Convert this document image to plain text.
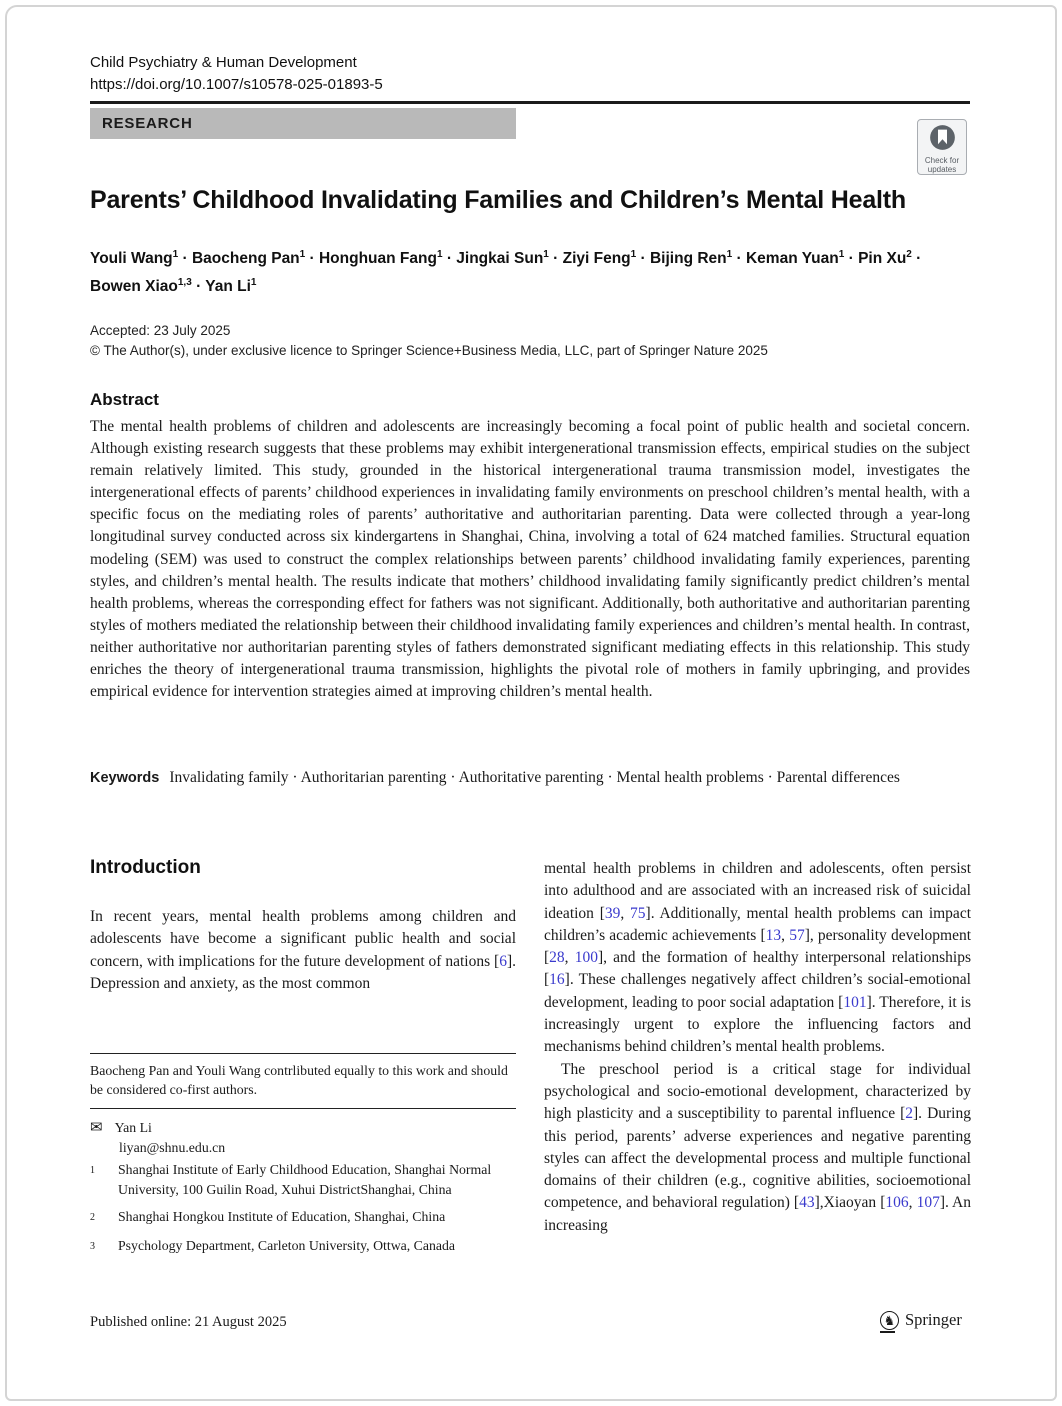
Child Psychiatry & Human Development
https://doi.org/10.1007/s10578-025-01893-5
RESEARCH
Check for
updates
Parents’ Childhood Invalidating Families and Children’s Mental Health
Youli Wang$^1$ · Baocheng Pan$^1$ · Honghuan Fang$^1$ · Jingkai Sun$^1$ · Ziyi Feng$^1$ · Bijing Ren$^1$ · Keman Yuan$^1$ · Pin $Xu^2$ · Bowen Xiao$^{1,3}$ · Yan Li$^1$
Accepted: 23 July 2025
© The Author(s), under exclusive licence to Springer Science+Business Media, LLC, part of Springer Nature 2025
Abstract

The mental health problems of children and adolescents are increasingly becoming a focal point of public health and societal concern. Although existing research suggests that these problems may exhibit intergenerational transmission effects, empirical studies on the subject remain relatively limited. This study, grounded in the historical intergenerational trauma transmission model, investigates the intergenerational effects of parents’ childhood experiences in invalidating family environments on preschool children’s mental health, with a specific focus on the mediating roles of parents’ authoritative and authoritarian parenting. Data were collected through a year-long longitudinal survey conducted across six kindergartens in Shanghai, China, involving a total of 624 matched families. Structural equation modeling (SEM) was used to construct the complex relationships between parents’ childhood invalidating family experiences, parenting styles, and children’s mental health. The results indicate that mothers’ childhood invalidating family significantly predict children’s mental health problems, whereas the corresponding effect for fathers was not significant. Additionally, both authoritative and authoritarian parenting styles of mothers mediated the relationship between their childhood invalidating family experiences and children’s mental health. In contrast, neither authoritative nor authoritarian parenting styles of fathers demonstrated significant mediating effects in this relationship. This study enriches the theory of intergenerational trauma transmission, highlights the pivotal role of mothers in family upbringing, and provides empirical evidence for intervention strategies aimed at improving children’s mental health.

Keywords Invalidating family · Authoritarian parenting · Authoritative parenting · Mental health problems · Parental differences

Introduction

In recent years, mental health problems among children and adolescents have become a significant public health and social concern, with implications for the future development of nations [6]. Depression and anxiety, as the most common

Baocheng Pan and Youli Wang contrlibuted equally to this work and should be considered co-first authors.

✉ Yan Li
liyan@shnu.edu.cn
1	Shanghai Institute of Early Childhood Education, Shanghai Normal University, 100 Guilin Road, Xuhui DistrictShanghai, China
2	Shanghai Hongkou Institute of Education, Shanghai, China
3	Psychology Department, Carleton University, Ottwa, Canada

mental health problems in children and adolescents, often persist into adulthood and are associated with an increased risk of suicidal ideation [39, 75]. Additionally, mental health problems can impact children’s academic achievements [13, 57], personality development [28, 100], and the formation of healthy interpersonal relationships [16]. These challenges negatively affect children’s social-emotional development, leading to poor social adaptation [101]. Therefore, it is increasingly urgent to explore the influencing factors and mechanisms behind children’s mental health problems.

The preschool period is a critical stage for individual psychological and socio-emotional development, characterized by high plasticity and a susceptibility to parental influence [2]. During this period, parents’ adverse experiences and negative parenting styles can affect the developmental process and multiple functional domains of their children (e.g., cognitive abilities, socioemotional competence, and behavioral regulation) [43],Xiaoyan [106, 107]. An increasing

Published online: 21 August 2025	♞ Springer
